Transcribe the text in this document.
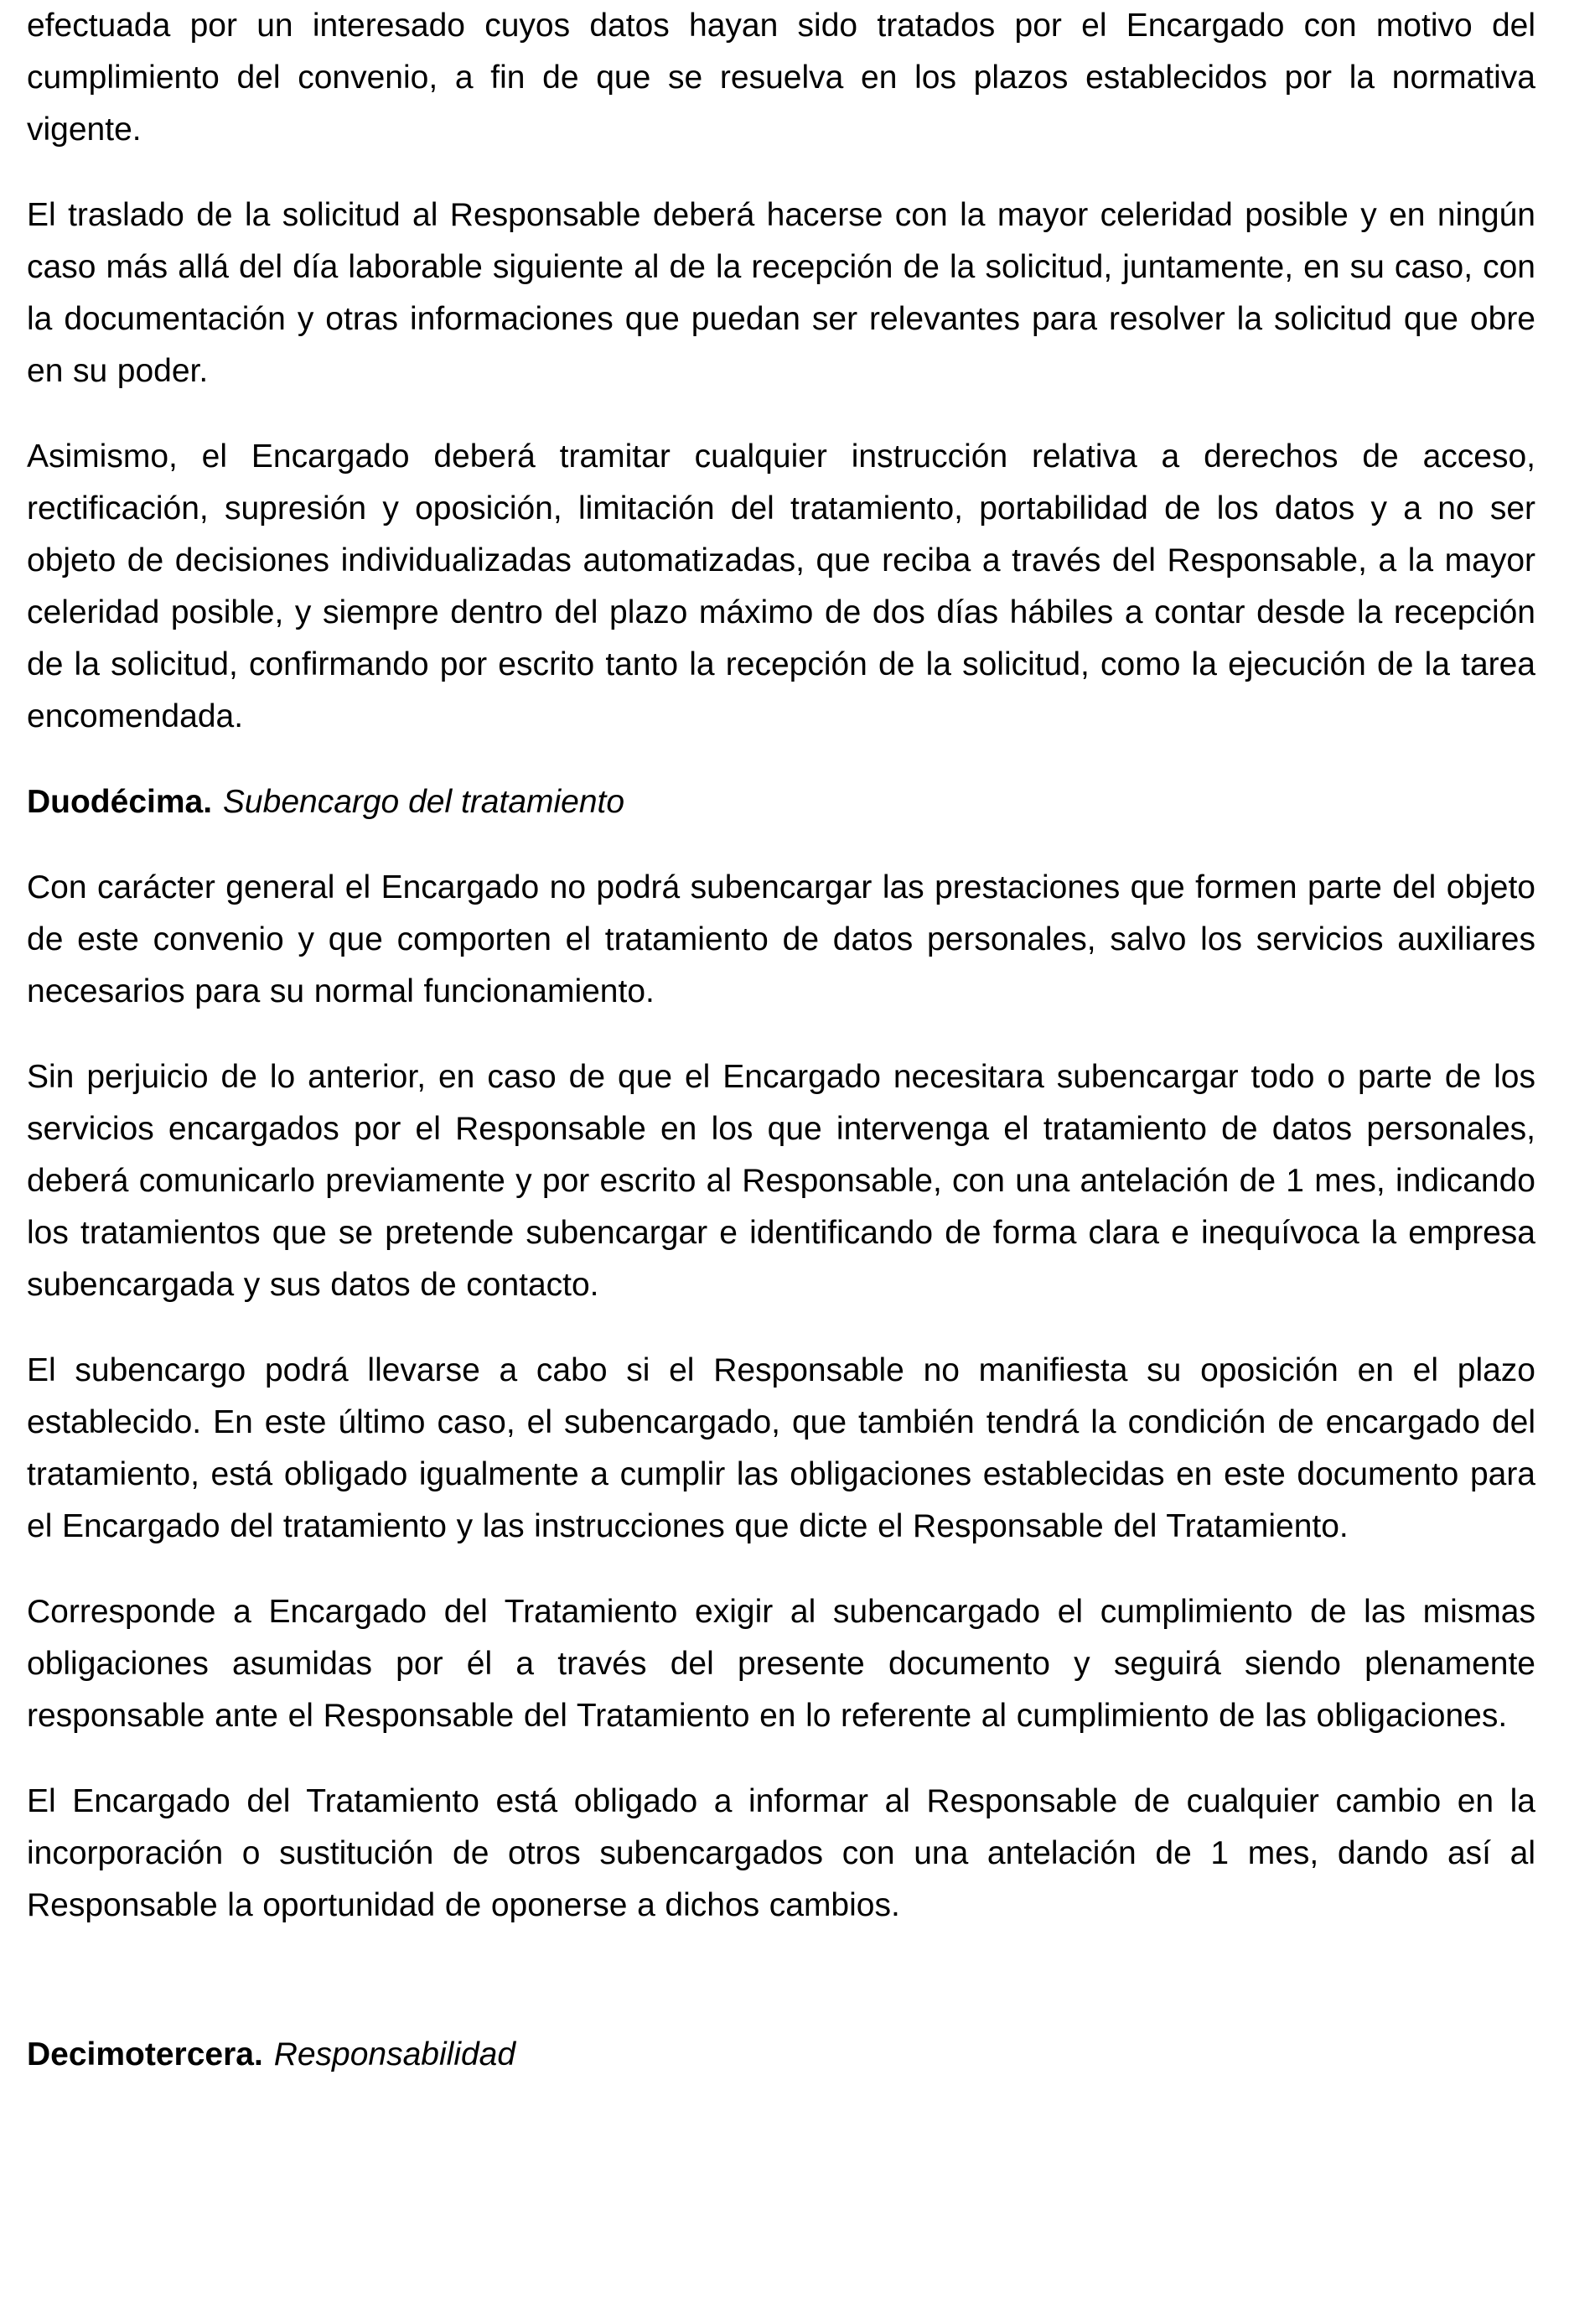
efectuada por un interesado cuyos datos hayan sido tratados por el Encargado con motivo del cumplimiento del convenio, a fin de que se resuelva en los plazos establecidos por la normativa vigente.

El traslado de la solicitud al Responsable deberá hacerse con la mayor celeridad posible y en ningún caso más allá del día laborable siguiente al de la recepción de la solicitud, juntamente, en su caso, con la documentación y otras informaciones que puedan ser relevantes para resolver la solicitud que obre en su poder.

Asimismo, el Encargado deberá tramitar cualquier instrucción relativa a derechos de acceso, rectificación, supresión y oposición, limitación del tratamiento, portabilidad de los datos y a no ser objeto de decisiones individualizadas automatizadas, que reciba a través del Responsable, a la mayor celeridad posible, y siempre dentro del plazo máximo de dos días hábiles a contar desde la recepción de la solicitud, confirmando por escrito tanto la recepción de la solicitud, como la ejecución de la tarea encomendada.

Duodécima. Subencargo del tratamiento

Con carácter general el Encargado no podrá subencargar las prestaciones que formen parte del objeto de este convenio y que comporten el tratamiento de datos personales, salvo los servicios auxiliares necesarios para su normal funcionamiento.

Sin perjuicio de lo anterior, en caso de que el Encargado necesitara subencargar todo o parte de los servicios encargados por el Responsable en los que intervenga el tratamiento de datos personales, deberá comunicarlo previamente y por escrito al Responsable, con una antelación de 1 mes, indicando los tratamientos que se pretende subencargar e identificando de forma clara e inequívoca la empresa subencargada y sus datos de contacto.

El subencargo podrá llevarse a cabo si el Responsable no manifiesta su oposición en el plazo establecido. En este último caso, el subencargado, que también tendrá la condición de encargado del tratamiento, está obligado igualmente a cumplir las obligaciones establecidas en este documento para el Encargado del tratamiento y las instrucciones que dicte el Responsable del Tratamiento.

Corresponde a Encargado del Tratamiento exigir al subencargado el cumplimiento de las mismas obligaciones asumidas por él a través del presente documento y seguirá siendo plenamente responsable ante el Responsable del Tratamiento en lo referente al cumplimiento de las obligaciones.

El Encargado del Tratamiento está obligado a informar al Responsable de cualquier cambio en la incorporación o sustitución de otros subencargados con una antelación de 1 mes, dando así al Responsable la oportunidad de oponerse a dichos cambios.

Decimotercera. Responsabilidad
